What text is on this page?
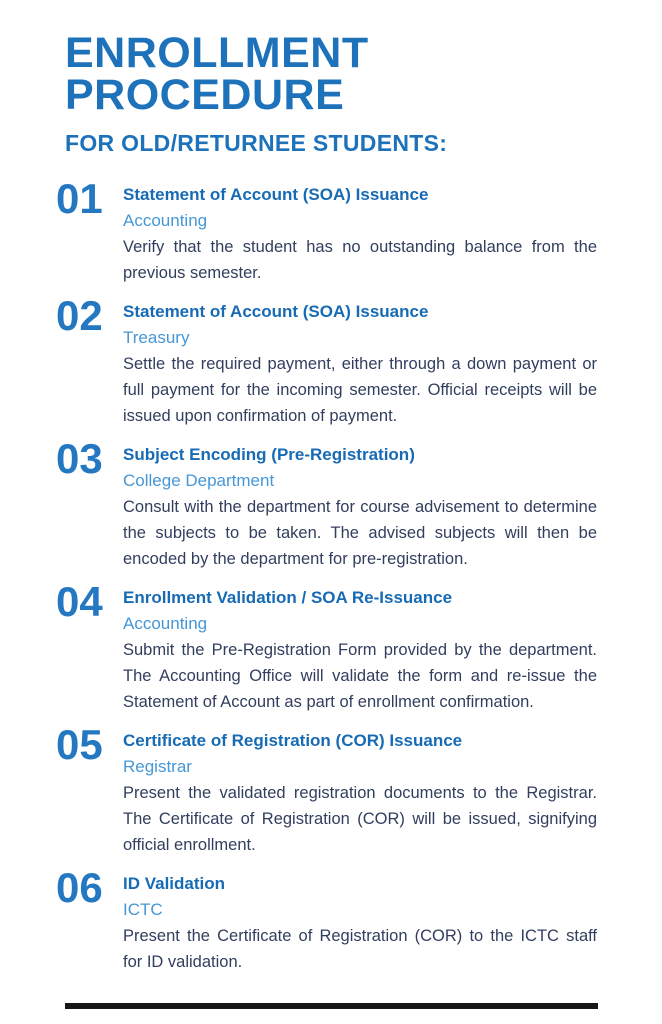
ENROLLMENT
PROCEDURE
FOR OLD/RETURNEE STUDENTS:
01	Statement of Account (SOA) Issuance
Accounting

Verify that the student has no outstanding balance from the previous semester.

02	Statement of Account (SOA) Issuance
Treasury

Settle the required payment, either through a down payment or full payment for the incoming semester. Official receipts will be issued upon confirmation of payment.

03	Subject Encoding (Pre-Registration)
College Department

Consult with the department for course advisement to determine the subjects to be taken. The advised subjects will then be encoded by the department for pre-registration.

04	Enrollment Validation / SOA Re-Issuance
Accounting

Submit the Pre-Registration Form provided by the department. The Accounting Office will validate the form and re-issue the Statement of Account as part of enrollment confirmation.

05	Certificate of Registration (COR) Issuance
Registrar

Present the validated registration documents to the Registrar. The Certificate of Registration (COR) will be issued, signifying official enrollment.

06	ID Validation
ICTC

Present the Certificate of Registration (COR) to the ICTC staff for ID validation.
